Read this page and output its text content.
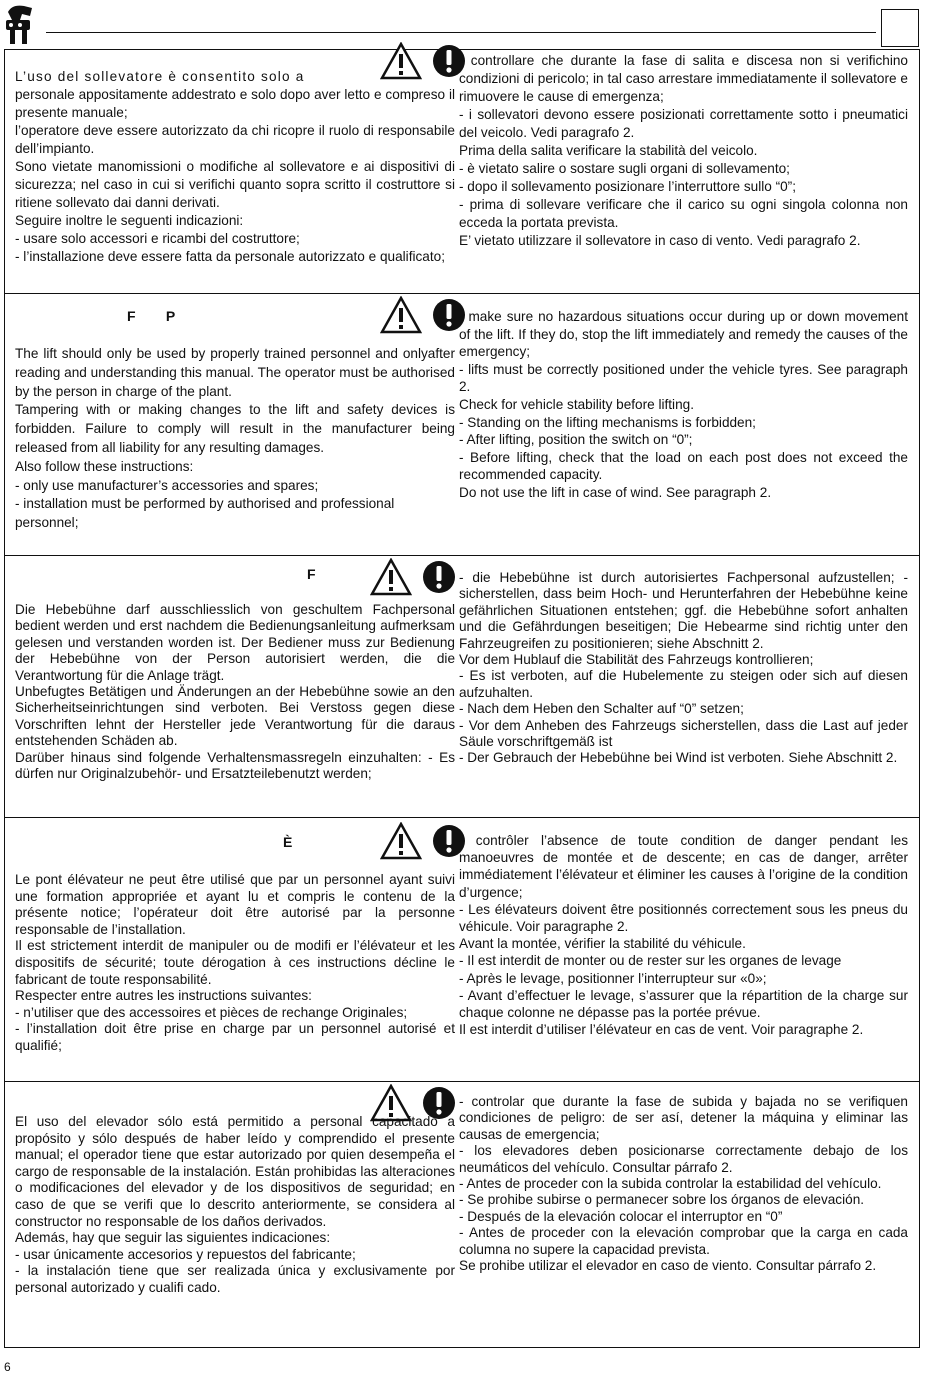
L’uso del sollevatore è consentito solo a

personale appositamente addestrato e solo dopo aver letto e compreso il presente manuale;

l’operatore deve essere autorizzato da chi ricopre il ruolo di responsabile dell’impianto.

Sono vietate manomissioni o modifiche al sollevatore e ai dispositivi di sicurezza; nel caso in cui si verifichi quanto sopra scritto il costruttore si ritiene sollevato dai danni derivati.

Seguire inoltre le seguenti indicazioni:

- usare solo accessori e ricambi del costruttore;

- l’installazione deve essere fatta da personale autorizzato e qualificato;

- controllare che durante la fase di salita e discesa non si verifichino condizioni di pericolo; in tal caso arrestare immediatamente il sollevatore e rimuovere le cause di emergenza;

- i sollevatori devono essere posizionati correttamente sotto i pneumatici del veicolo. Vedi paragrafo 2.

Prima della salita verificare la stabilità del veicolo.

- è vietato salire o sostare sugli organi di sollevamento;

- dopo il sollevamento posizionare l’interruttore sullo “0”;

- prima di sollevare verificare che il carico su ogni singola colonna non ecceda la portata prevista.

E’ vietato utilizzare il sollevatore in caso di vento. Vedi paragrafo 2.

F      P

The lift should only be used by properly trained personnel and onlyafter reading and understanding this manual. The operator must be authorised by the person in charge of the plant.

Tampering with or making changes to the lift and safety devices is forbidden. Failure to comply will result in the manufacturer being released from all liability for any resulting damages.

Also follow these instructions:

- only use manufacturer’s accessories and spares;

- installation must be performed by authorised and professional

personnel;

- make sure no hazardous situations occur during up or down movement of the lift. If they do, stop the lift immediately and remedy the causes of the emergency;

- lifts must be correctly positioned under the vehicle tyres. See paragraph 2.

Check for vehicle stability before lifting.

- Standing on the lifting mechanisms is forbidden;

- After lifting, position the switch on “0”;

- Before lifting, check that the load on each post does not exceed the recommended capacity.

Do not use the lift in case of wind. See paragraph 2.

F

Die Hebebühne darf ausschliesslich von geschultem Fachpersonal bedient werden und erst nachdem die Bedienungsanleitung aufmerksam gelesen und verstanden worden ist. Der Bediener muss zur Bedienung der Hebebühne von der Person autorisiert werden, die die Verantwortung für die Anlage trägt.

Unbefugtes Betätigen und Änderungen an der Hebebühne sowie an den Sicherheitseinrichtungen sind verboten. Bei Verstoss gegen diese Vorschriften lehnt der Hersteller jede Verantwortung für die daraus entstehenden Schäden ab.

Darüber hinaus sind folgende Verhaltensmassregeln einzuhalten: - Es dürfen nur Originalzubehör- und Ersatzteilebenutzt werden;

- die Hebebühne ist durch autorisiertes Fachpersonal aufzustellen; - sicherstellen, dass beim Hoch- und Herunterfahren der Hebebühne keine gefährlichen Situationen entstehen; ggf. die Hebebühne sofort anhalten und die Gefährdungen beseitigen; Die Hebearme sind richtig unter den Fahrzeugreifen zu positionieren; siehe Abschnitt 2.

Vor dem Hublauf die Stabilität des Fahrzeugs kontrollieren;

- Es ist verboten, auf die Hubelemente zu steigen oder sich auf diesen aufzuhalten.

- Nach dem Heben den Schalter auf “0” setzen;

- Vor dem Anheben des Fahrzeugs sicherstellen, dass die Last auf jeder Säule vorschriftgemäß ist

- Der Gebrauch der Hebebühne bei Wind ist verboten. Siehe Abschnitt 2.

È

Le pont élévateur ne peut être utilisé que par un personnel ayant suivi une formation appropriée et ayant lu et compris le contenu de la présente notice; l’opérateur doit être autorisé par la personne responsable de l’installation.

Il est strictement interdit de manipuler ou de modifi er l’élévateur et les dispositifs de sécurité; toute dérogation à ces instructions décline le fabricant de toute responsabilité.

Respecter entre autres les instructions suivantes:

- n’utiliser que des accessoires et pièces de rechange Originales;

- l’installation doit être prise en charge par un personnel autorisé et qualifié;

- contrôler l’absence de toute condition de danger pendant les manoeuvres de montée et de descente; en cas de danger, arrêter immédiatement l’élévateur et éliminer les causes à l’origine de la condition d’urgence;

- Les élévateurs doivent être positionnés correctement sous les pneus du véhicule. Voir paragraphe 2.

Avant la montée, vérifier la stabilité du véhicule.

- Il est interdit de monter ou de rester sur les organes de levage

- Après le levage, positionner l’interrupteur sur «0»;

- Avant d’effectuer le levage, s’assurer que la répartition de la charge sur chaque colonne ne dépasse pas la portée prévue.

Il est interdit d’utiliser l’élévateur en cas de vent. Voir paragraphe 2.

El uso del elevador sólo está permitido a personal capacitado a propósito y sólo después de haber leído y comprendido el presente manual; el operador tiene que estar autorizado por quien desempeña el cargo de responsable de la instalación. Están prohibidas las alteraciones o modificaciones del elevador y de los dispositivos de seguridad; en caso de que se verifi que lo descrito anteriormente, se considera al constructor no responsable de los daños derivados.

Además, hay que seguir las siguientes indicaciones:

- usar únicamente accesorios y repuestos del fabricante;

- la instalación tiene que ser realizada única y exclusivamente por personal autorizado y cualifi cado.

- controlar que durante la fase de subida y bajada no se verifiquen condiciones de peligro: de ser así, detener la máquina y eliminar las causas de emergencia;

- los elevadores deben posicionarse correctamente debajo de los neumáticos del vehículo. Consultar párrafo 2.

- Antes de proceder con la subida controlar la estabilidad del vehículo.

- Se prohibe subirse o permanecer sobre los órganos de elevación.

- Después de la elevación colocar el interruptor en “0”

- Antes de proceder con la elevación comprobar que la carga en cada columna no supere la capacidad prevista.

Se prohibe utilizar el elevador en caso de viento. Consultar párrafo 2.

6
